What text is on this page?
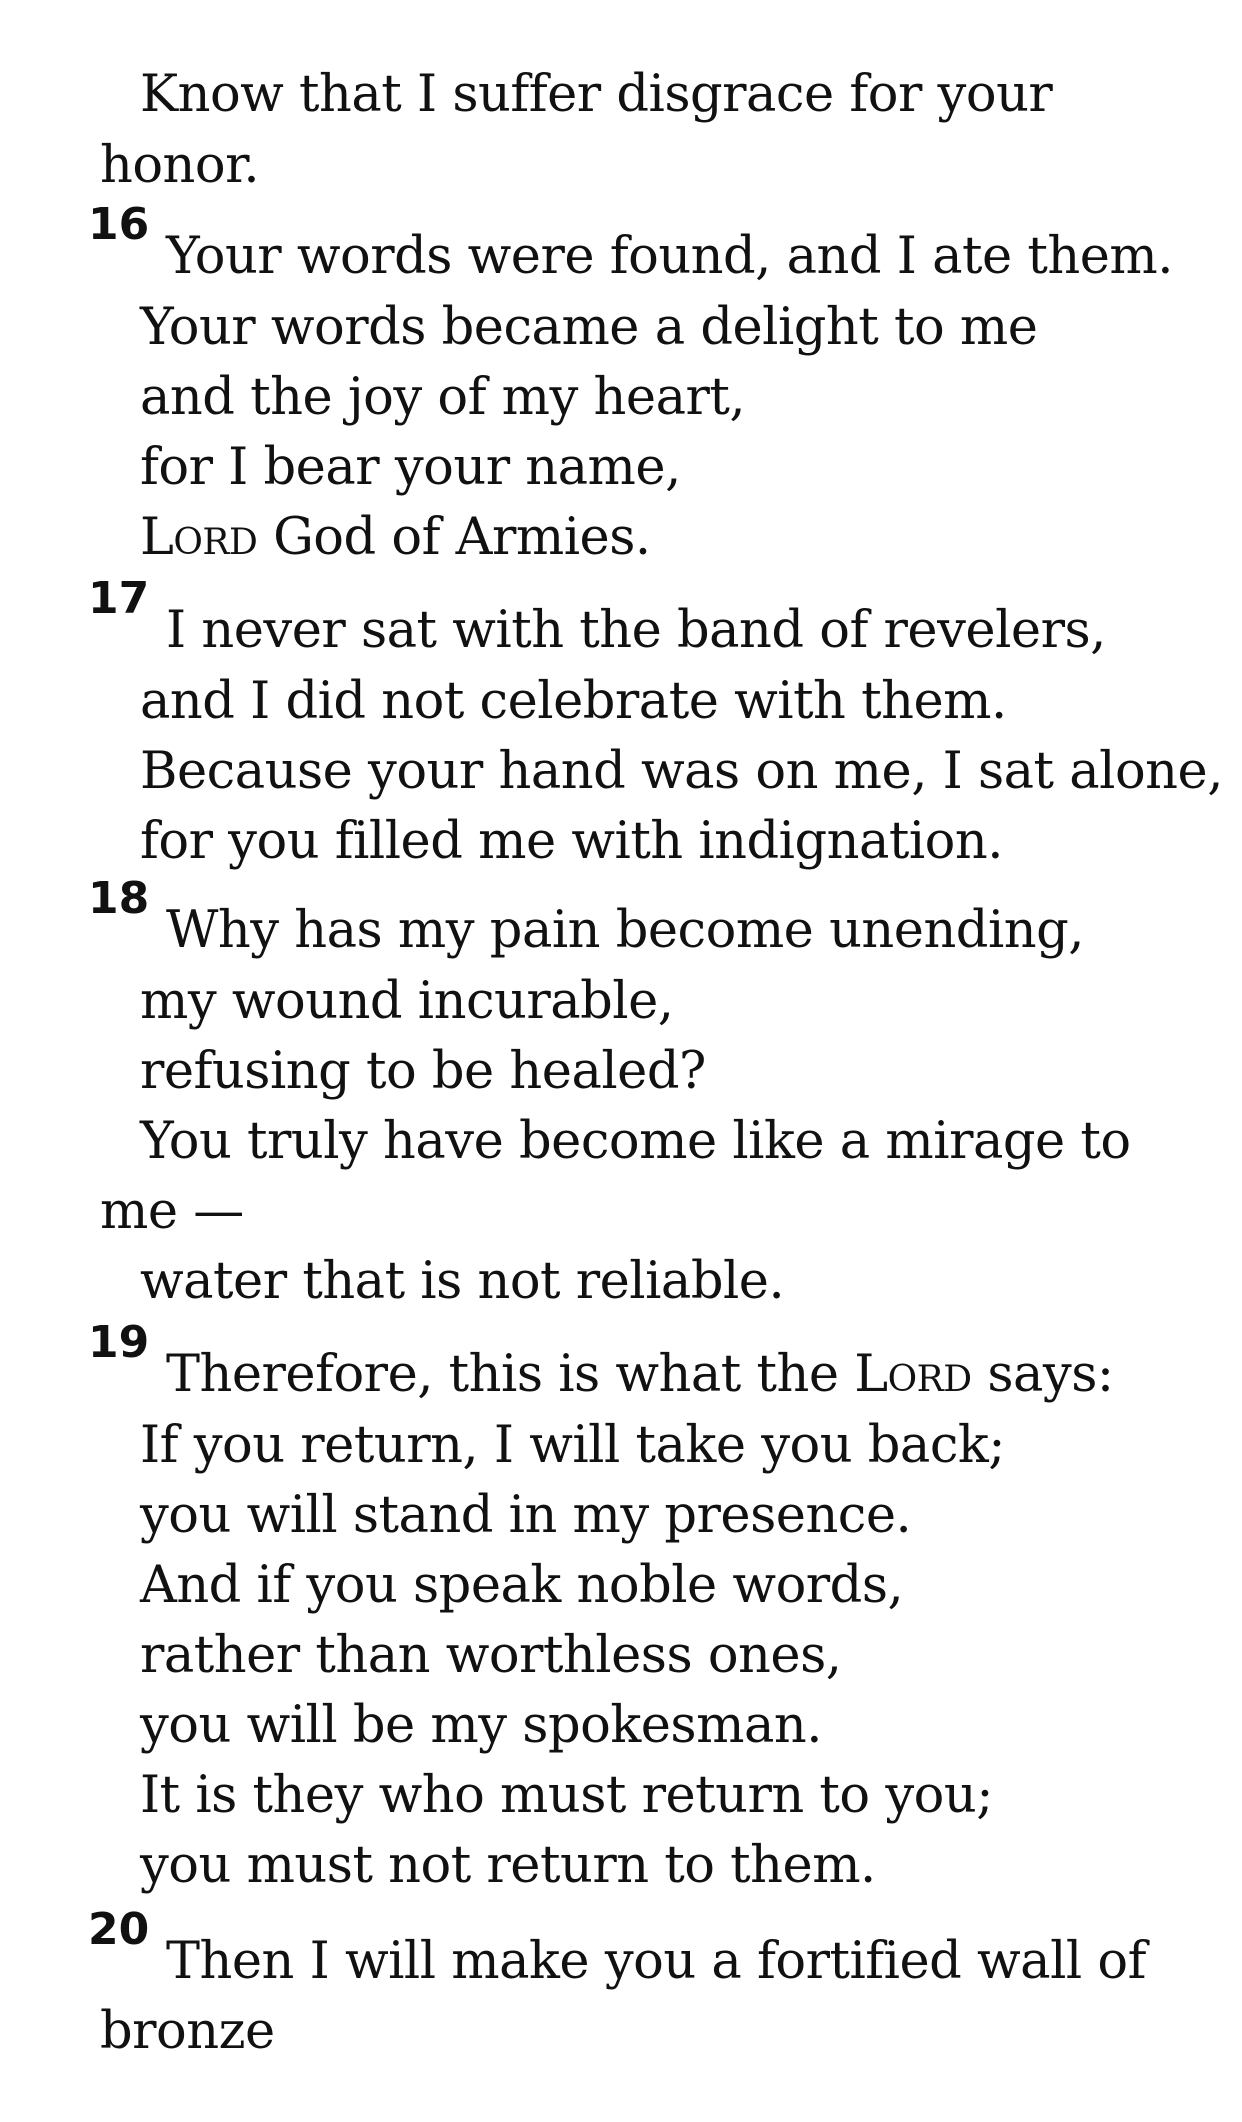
Know that I suffer disgrace for your
honor.
16
Your words were found, and I ate them.
Your words became a delight to me
and the joy of my heart,
for I bear your name,
Lord God of Armies.
17
I never sat with the band of revelers,
and I did not celebrate with them.
Because your hand was on me, I sat alone,
for you filled me with indignation.
18
Why has my pain become unending,
my wound incurable,
refusing to be healed?
You truly have become like a mirage to
me —
water that is not reliable.
19
Therefore, this is what the Lord says:
If you return, I will take you back;
you will stand in my presence.
And if you speak noble words,
rather than worthless ones,
you will be my spokesman.
It is they who must return to you;
you must not return to them.
20
Then I will make you a fortified wall of
bronze
